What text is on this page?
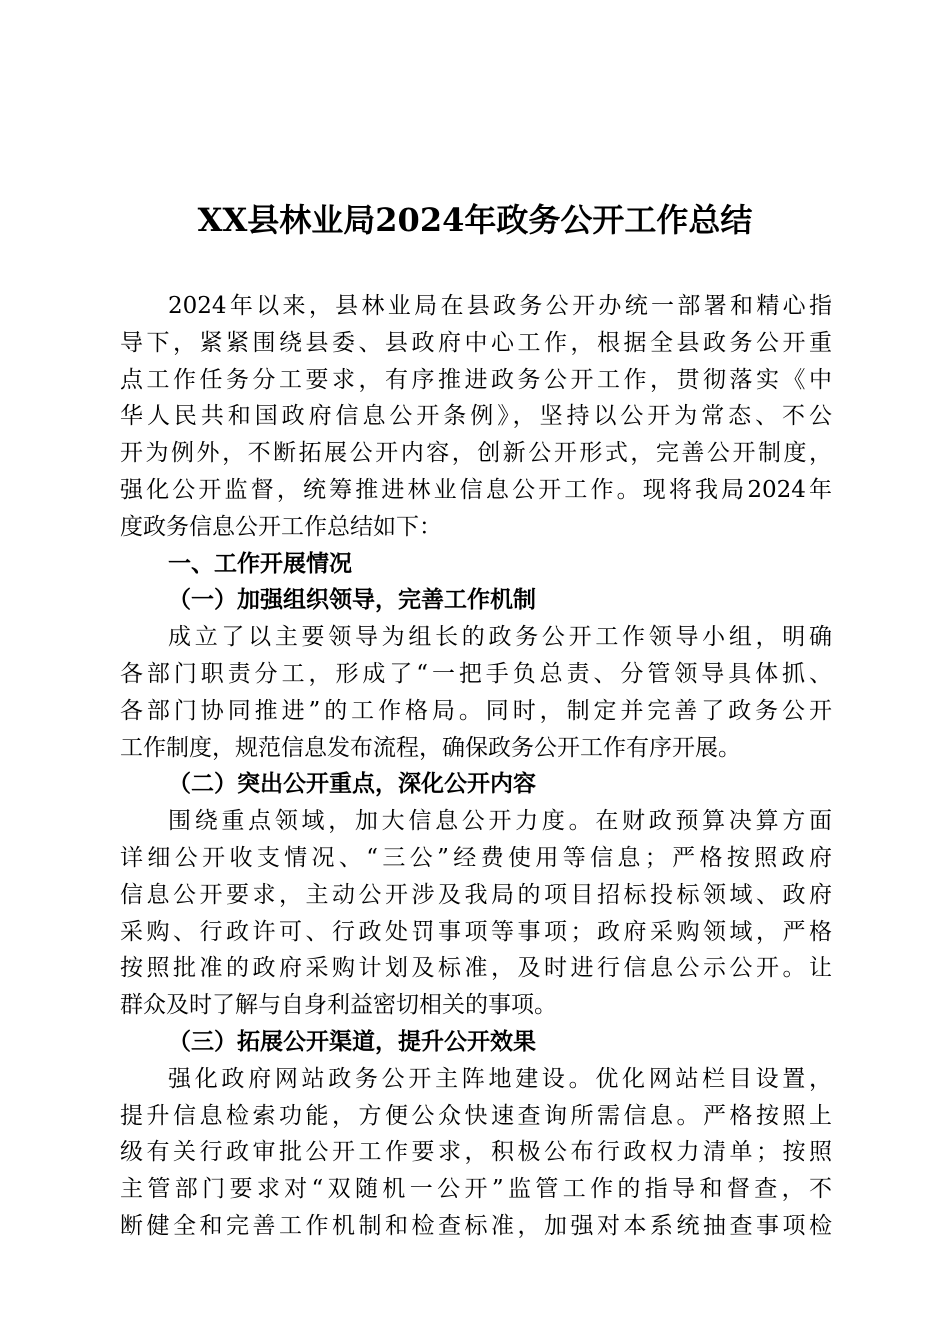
XX县林业局2024年政务公开工作总结
2024年以来，县林业局在县政务公开办统一部署和精心指
导下，紧紧围绕县委、县政府中心工作，根据全县政务公开重
点工作任务分工要求，有序推进政务公开工作，贯彻落实《中
华人民共和国政府信息公开条例》，坚持以公开为常态、不公
开为例外，不断拓展公开内容，创新公开形式，完善公开制度，
强化公开监督，统筹推进林业信息公开工作。现将我局2024年
度政务信息公开工作总结如下：
一、工作开展情况
（一）加强组织领导，完善工作机制
成立了以主要领导为组长的政务公开工作领导小组，明确
各部门职责分工，形成了“一把手负总责、分管领导具体抓、
各部门协同推进”的工作格局。同时，制定并完善了政务公开
工作制度，规范信息发布流程，确保政务公开工作有序开展。
（二）突出公开重点，深化公开内容
围绕重点领域，加大信息公开力度。在财政预算决算方面
详细公开收支情况、“三公”经费使用等信息；严格按照政府
信息公开要求，主动公开涉及我局的项目招标投标领域、政府
采购、行政许可、行政处罚事项等事项；政府采购领域，严格
按照批准的政府采购计划及标准，及时进行信息公示公开。让
群众及时了解与自身利益密切相关的事项。
（三）拓展公开渠道，提升公开效果
强化政府网站政务公开主阵地建设。优化网站栏目设置，
提升信息检索功能，方便公众快速查询所需信息。严格按照上
级有关行政审批公开工作要求，积极公布行政权力清单；按照
主管部门要求对“双随机一公开”监管工作的指导和督查，不
断健全和完善工作机制和检查标准，加强对本系统抽查事项检
